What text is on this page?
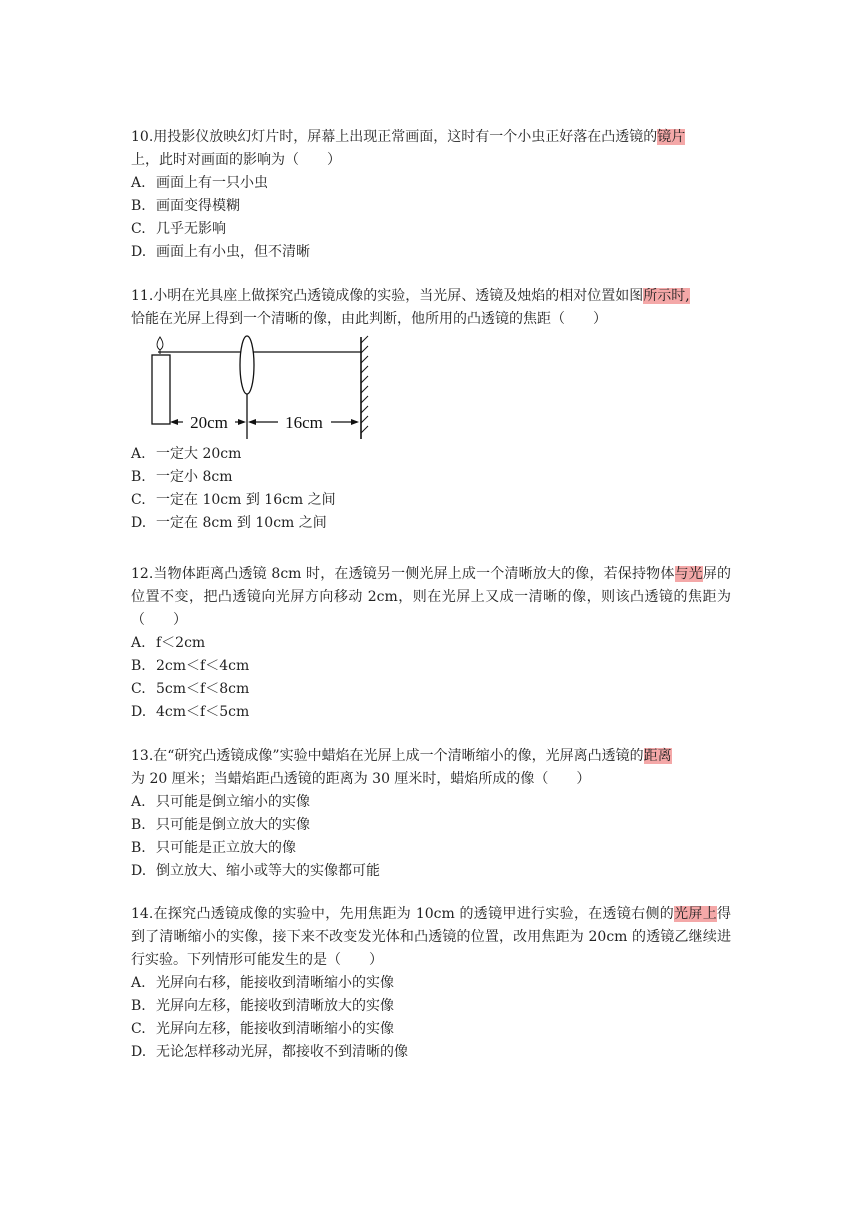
10.用投影仪放映幻灯片时，屏幕上出现正常画面，这时有一个小虫正好落在凸透镜的镜片
上，此时对画面的影响为（　　）

A. 画面上有一只小虫

B. 画面变得模糊

C. 几乎无影响

D. 画面上有小虫，但不清晰

11.小明在光具座上做探究凸透镜成像的实验，当光屏、透镜及烛焰的相对位置如图所示时,
恰能在光屏上得到一个清晰的像，由此判断，他所用的凸透镜的焦距（　　）

20cm	16cm

A. 一定大 20cm

B. 一定小 8cm

C. 一定在 10cm 到 16cm 之间

D. 一定在 8cm 到 10cm 之间

12.当物体距离凸透镜 8cm 时，在透镜另一侧光屏上成一个清晰放大的像，若保持物体与光屏的位置不变，把凸透镜向光屏方向移动 2cm，则在光屏上又成一清晰的像，则该凸透镜的焦距为（　　）

A. f＜2cm

B. 2cm＜f＜4cm

C. 5cm＜f＜8cm

D. 4cm＜f＜5cm

13.在“研究凸透镜成像”实验中蜡焰在光屏上成一个清晰缩小的像，光屏离凸透镜的距离
为 20 厘米；当蜡焰距凸透镜的距离为 30 厘米时，蜡焰所成的像（　　）

A. 只可能是倒立缩小的实像

B. 只可能是倒立放大的实像

B. 只可能是正立放大的像

D. 倒立放大、缩小或等大的实像都可能

14.在探究凸透镜成像的实验中，先用焦距为 10cm 的透镜甲进行实验，在透镜右侧的光屏上得到了清晰缩小的实像，接下来不改变发光体和凸透镜的位置，改用焦距为 20cm 的透镜乙继续进行实验。下列情形可能发生的是（　　）

A. 光屏向右移，能接收到清晰缩小的实像

B. 光屏向左移，能接收到清晰放大的实像

C. 光屏向左移，能接收到清晰缩小的实像

D. 无论怎样移动光屏，都接收不到清晰的像
